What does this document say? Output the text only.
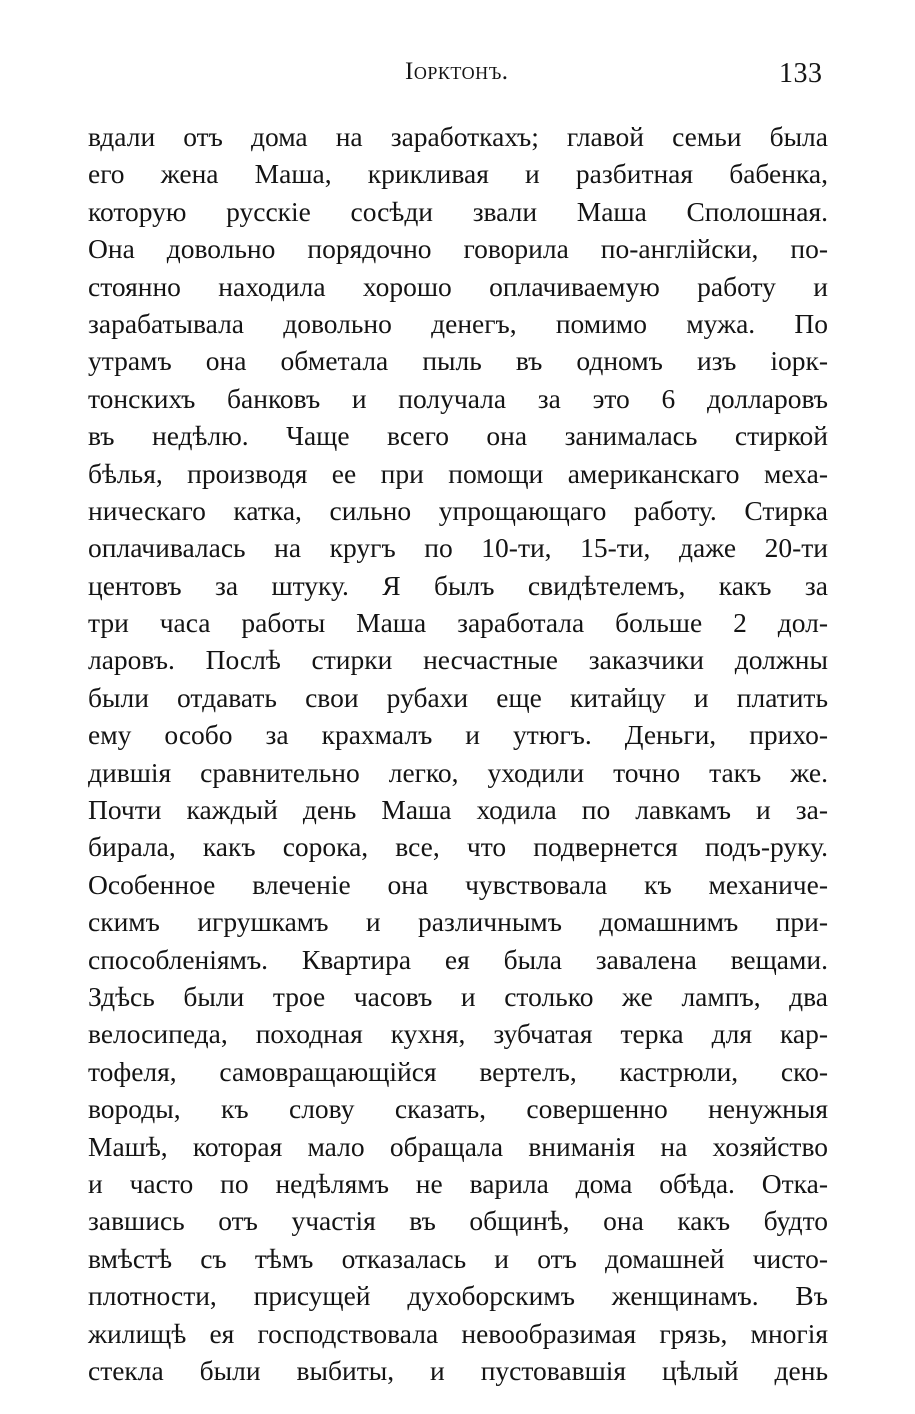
Іорктонъ.	133
вдали отъ дома на заработкахъ; главой семьи была
его жена Маша, крикливая и разбитная бабенка,
которую русскіе сосѣди звали Маша Сполошная.
Она довольно порядочно говорила по-англійски, по-
стоянно находила хорошо оплачиваемую работу и
зарабатывала довольно денегъ, помимо мужа. По
утрамъ она обметала пыль въ одномъ изъ іорк-
тонскихъ банковъ и получала за это 6 долларовъ
въ недѣлю. Чаще всего она занималась стиркой
бѣлья, производя ее при помощи американскаго меха-
ническаго катка, сильно упрощающаго работу. Стирка
оплачивалась на кругъ по 10-ти, 15-ти, даже 20-ти
центовъ за штуку. Я былъ свидѣтелемъ, какъ за
три часа работы Маша заработала больше 2 дол-
ларовъ. Послѣ стирки несчастные заказчики должны
были отдавать свои рубахи еще китайцу и платить
ему особо за крахмалъ и утюгъ. Деньги, прихо-
дившія сравнительно легко, уходили точно такъ же.
Почти каждый день Маша ходила по лавкамъ и за-
бирала, какъ сорока, все, что подвернется подъ-руку.
Особенное влеченіе она чувствовала къ механиче-
скимъ игрушкамъ и различнымъ домашнимъ при-
способленіямъ. Квартира ея была завалена вещами.
Здѣсь были трое часовъ и столько же лампъ, два
велосипеда, походная кухня, зубчатая терка для кар-
тофеля, самовращающійся вертелъ, кастрюли, ско-
вороды, къ слову сказать, совершенно ненужныя
Машѣ, которая мало обращала вниманія на хозяйство
и часто по недѣлямъ не варила дома обѣда. Отка-
завшись отъ участія въ общинѣ, она какъ будто
вмѣстѣ съ тѣмъ отказалась и отъ домашней чисто-
плотности, присущей духоборскимъ женщинамъ. Въ
жилищѣ ея господствовала невообразимая грязь, многія
стекла были выбиты, и пустовавшія цѣлый день
